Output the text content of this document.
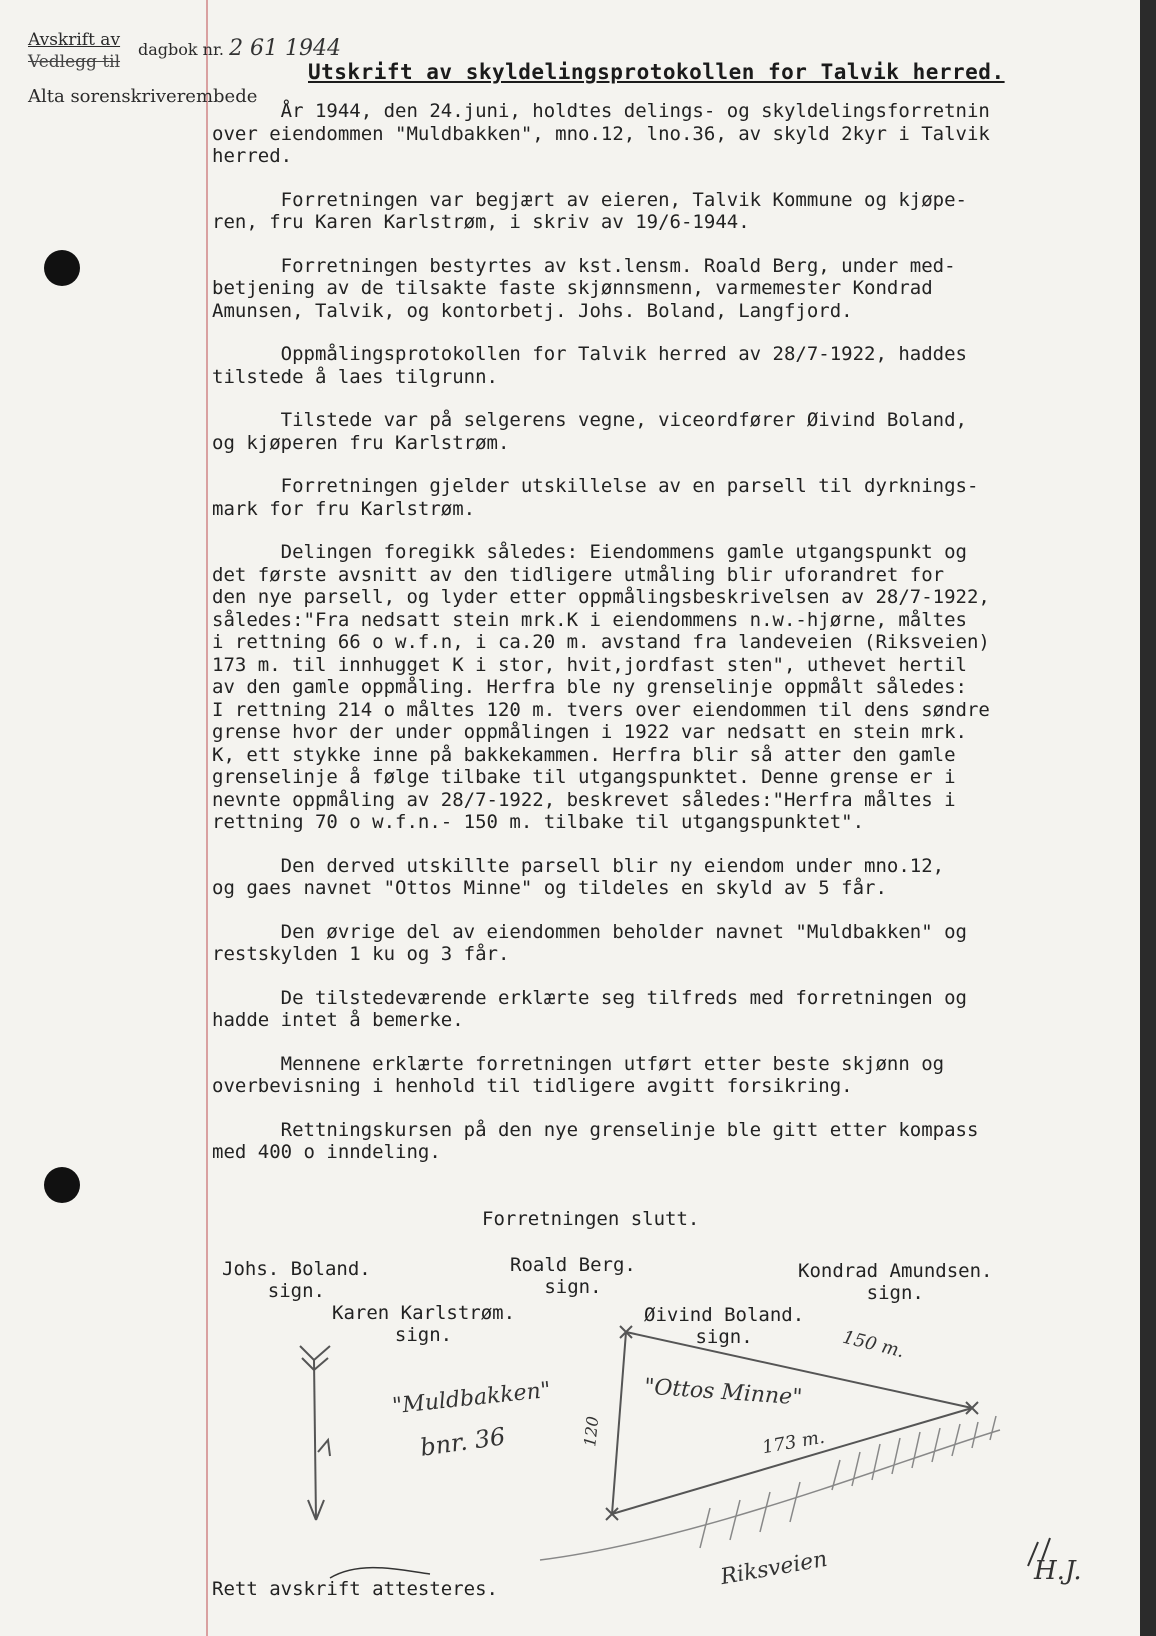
Avskrift av
Vedlegg til
dagbok nr. 2 61 1944
Alta sorenskriverembede
Utskrift av skyldelingsprotokollen for Talvik herred.
År 1944, den 24.juni, holdtes delings- og skyldelingsforretnin
over eiendommen "Muldbakken", mno.12, lno.36, av skyld 2kyr i Talvik
herred.
Forretningen var begjært av eieren, Talvik Kommune og kjøpe-
ren, fru Karen Karlstrøm, i skriv av 19/6-1944.
Forretningen bestyrtes av kst.lensm. Roald Berg, under med-
betjening av de tilsakte faste skjønnsmenn, varmemester Kondrad
Amunsen, Talvik, og kontorbetj. Johs. Boland, Langfjord.
Oppmålingsprotokollen for Talvik herred av 28/7-1922, haddes
tilstede å laes tilgrunn.
Tilstede var på selgerens vegne, viceordfører Øivind Boland,
og kjøperen fru Karlstrøm.
Forretningen gjelder utskillelse av en parsell til dyrknings-
mark for fru Karlstrøm.
Delingen foregikk således: Eiendommens gamle utgangspunkt og
det første avsnitt av den tidligere utmåling blir uforandret for
den nye parsell, og lyder etter oppmålingsbeskrivelsen av 28/7-1922,
således:"Fra nedsatt stein mrk.K i eiendommens n.w.-hjørne, måltes
i rettning 66 o w.f.n, i ca.20 m. avstand fra landeveien (Riksveien)
173 m. til innhugget K i stor, hvit,jordfast sten", uthevet hertil
av den gamle oppmåling. Herfra ble ny grenselinje oppmålt således:
I rettning 214 o måltes 120 m. tvers over eiendommen til dens søndre
grense hvor der under oppmålingen i 1922 var nedsatt en stein mrk.
K, ett stykke inne på bakkekammen. Herfra blir så atter den gamle
grenselinje å følge tilbake til utgangspunktet. Denne grense er i
nevnte oppmåling av 28/7-1922, beskrevet således:"Herfra måltes i
rettning 70 o w.f.n.- 150 m. tilbake til utgangspunktet".
Den derved utskillte parsell blir ny eiendom under mno.12,
og gaes navnet "Ottos Minne" og tildeles en skyld av 5 får.
Den øvrige del av eiendommen beholder navnet "Muldbakken" og
restskylden 1 ku og 3 får.
De tilstedeværende erklærte seg tilfreds med forretningen og
hadde intet å bemerke.
Mennene erklærte forretningen utført etter beste skjønn og
overbevisning i henhold til tidligere avgitt forsikring.
Rettningskursen på den nye grenselinje ble gitt etter kompass
med 400 o inndeling.
Forretningen slutt.
Johs. Boland.
sign.
Roald Berg.
sign.
Kondrad Amundsen.
sign.
Karen Karlstrøm.
sign.
Øivind Boland.
sign.
"Muldbakken"
bnr. 36
"Ottos Minne"
150 m.
173 m.
120
Riksveien
Rett avskrift attesteres.
H.J.
